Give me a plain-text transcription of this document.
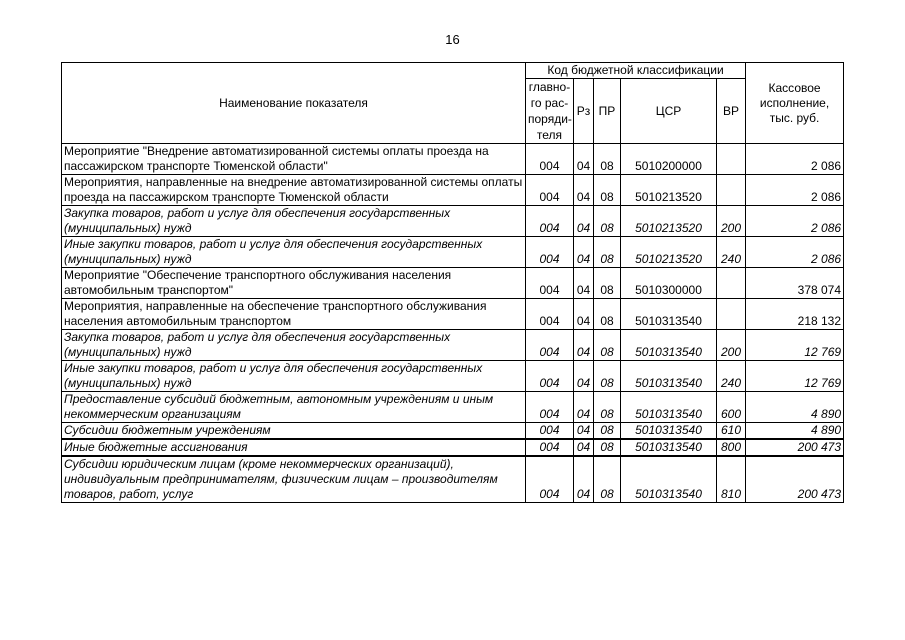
16
Наименование показателя	Код бюджетной классификации					Кассовое исполнение, тыс. руб.

	главно-
го рас-
поряди-
теля	Рз	ПР	ЦСР	ВР	
Мероприятие "Внедрение автоматизированной системы оплаты проезда на пассажирском транспорте Тюменской области"	004	04	08	5010200000		2 086
Мероприятия, направленные на внедрение автоматизированной системы оплаты проезда на пассажирском транспорте Тюменской области	004	04	08	5010213520		2 086
Закупка товаров, работ и услуг для обеспечения государственных (муниципальных) нужд	004	04	08	5010213520	200	2 086
Иные закупки товаров, работ и услуг для обеспечения государственных (муниципальных) нужд	004	04	08	5010213520	240	2 086
Мероприятие "Обеспечение транспортного обслуживания населения автомобильным транспортом"	004	04	08	5010300000		378 074
Мероприятия, направленные на обеспечение транспортного обслуживания населения автомобильным транспортом	004	04	08	5010313540		218 132
Закупка товаров, работ и услуг для обеспечения государственных (муниципальных) нужд	004	04	08	5010313540	200	12 769
Иные закупки товаров, работ и услуг для обеспечения государственных (муниципальных) нужд	004	04	08	5010313540	240	12 769
Предоставление субсидий бюджетным, автономным учреждениям и иным некоммерческим организациям	004	04	08	5010313540	600	4 890
Субсидии бюджетным учреждениям	004	04	08	5010313540	610	4 890
Иные бюджетные ассигнования	004	04	08	5010313540	800	200 473
Субсидии юридическим лицам (кроме некоммерческих организаций), индивидуальным предпринимателям, физическим лицам – производителям товаров, работ, услуг	004	04	08	5010313540	810	200 473
